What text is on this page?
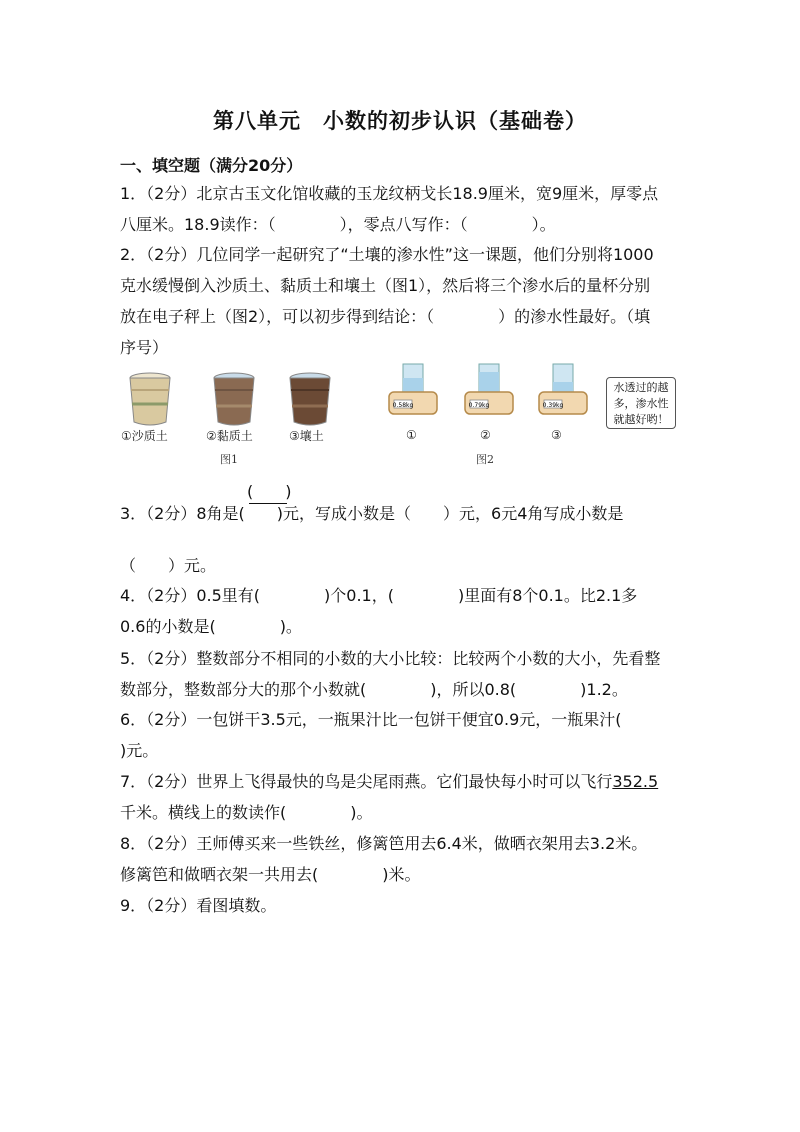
第八单元　小数的初步认识（基础卷）
一、填空题（满分20分）
1．（2分）北京古玉文化馆收藏的玉龙纹柄戈长18.9厘米，宽9厘米，厚零点
八厘米。18.9读作：（　　　　），零点八写作：（　　　　）。
2．（2分）几位同学一起研究了“土壤的渗水性”这一课题，他们分别将1000
克水缓慢倒入沙质土、黏质土和壤土（图1），然后将三个渗水后的量杯分别
放在电子秤上（图2），可以初步得到结论：（　　　　）的渗水性最好。（填
序号）
①沙质土	②黏质土	③壤土
图1
0.58kg	0.79kg	0.39kg
①	②	③
图2
水透过的越
多，渗水性
就越好哟！
(　　)
3．（2分）8角是(　　)元，写成小数是（　　）元，6元4角写成小数是
（　　）元。
4．（2分）0.5里有(　　　　)个0.1，(　　　　)里面有8个0.1。比2.1多
0.6的小数是(　　　　)。
5．（2分）整数部分不相同的小数的大小比较：比较两个小数的大小，先看整
数部分，整数部分大的那个小数就(　　　　)，所以0.8(　　　　)1.2。
6．（2分）一包饼干3.5元，一瓶果汁比一包饼干便宜0.9元，一瓶果汁(
)元。
7．（2分）世界上飞得最快的鸟是尖尾雨燕。它们最快每小时可以飞行352.5
千米。横线上的数读作(　　　　)。
8．（2分）王师傅买来一些铁丝，修篱笆用去6.4米，做晒衣架用去3.2米。
修篱笆和做晒衣架一共用去(　　　　)米。
9．（2分）看图填数。
